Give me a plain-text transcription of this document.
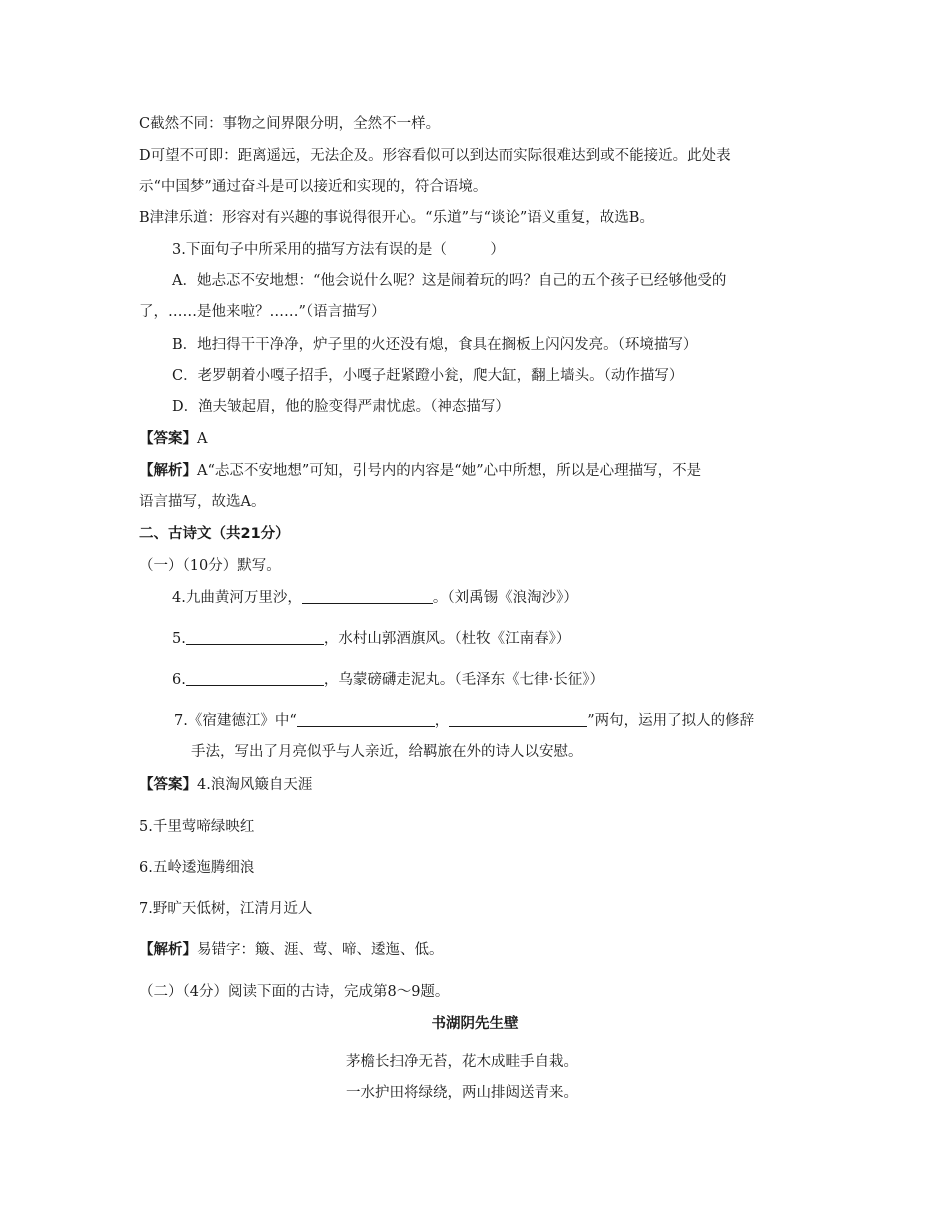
C截然不同：事物之间界限分明，全然不一样。
D可望不可即：距离遥远，无法企及。形容看似可以到达而实际很难达到或不能接近。此处表
示“中国梦”通过奋斗是可以接近和实现的，符合语境。
B津津乐道：形容对有兴趣的事说得很开心。“乐道”与“谈论”语义重复，故选B。
3.下面句子中所采用的描写方法有误的是（　　　）
A．她忐忑不安地想：“他会说什么呢？这是闹着玩的吗？自己的五个孩子已经够他受的
了，……是他来啦？……”（语言描写）
B．地扫得干干净净，炉子里的火还没有熄，食具在搁板上闪闪发亮。（环境描写）
C．老罗朝着小嘎子招手，小嘎子赶紧蹬小瓮，爬大缸，翻上墙头。（动作描写）
D．渔夫皱起眉，他的脸变得严肃忧虑。（神态描写）
【答案】A
【解析】A“忐忑不安地想”可知，引号内的内容是“她”心中所想，所以是心理描写，不是
语言描写，故选A。
二、古诗文（共21分）
（一）（10分）默写。
4.九曲黄河万里沙，	。（刘禹锡《浪淘沙》）
5.	，水村山郭酒旗风。（杜牧《江南春》）
6.	，乌蒙磅礴走泥丸。（毛泽东《七律·长征》）
7.《宿建德江》中“	，	”两句，运用了拟人的修辞
手法，写出了月亮似乎与人亲近，给羁旅在外的诗人以安慰。
【答案】4.浪淘风簸自天涯
5.千里莺啼绿映红
6.五岭逶迤腾细浪
7.野旷天低树，江清月近人
【解析】易错字：簸、涯、莺、啼、逶迤、低。
（二）（4分）阅读下面的古诗，完成第8～9题。
书湖阴先生壁
茅檐长扫净无苔，花木成畦手自栽。
一水护田将绿绕，两山排闼送青来。
